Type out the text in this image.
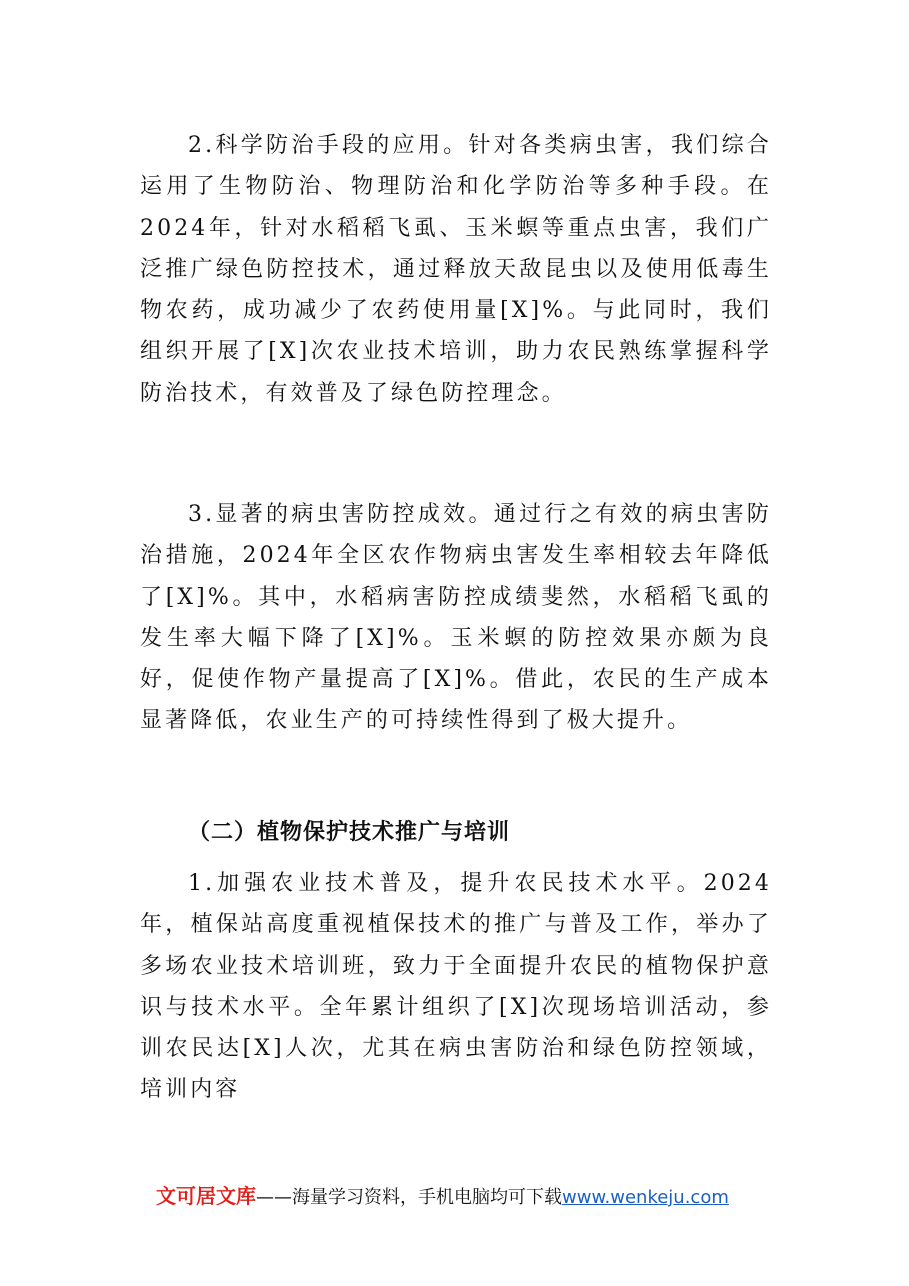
2.科学防治手段的应用。针对各类病虫害，我们综合运用了生物防治、物理防治和化学防治等多种手段。在2024年，针对水稻稻飞虱、玉米螟等重点虫害，我们广泛推广绿色防控技术，通过释放天敌昆虫以及使用低毒生物农药，成功减少了农药使用量[X]%。与此同时，我们组织开展了[X]次农业技术培训，助力农民熟练掌握科学防治技术，有效普及了绿色防控理念。

3.显著的病虫害防控成效。通过行之有效的病虫害防治措施，2024年全区农作物病虫害发生率相较去年降低了[X]%。其中，水稻病害防控成绩斐然，水稻稻飞虱的发生率大幅下降了[X]%。玉米螟的防控效果亦颇为良好，促使作物产量提高了[X]%。借此，农民的生产成本显著降低，农业生产的可持续性得到了极大提升。

（二）植物保护技术推广与培训

1.加强农业技术普及，提升农民技术水平。2024年，植保站高度重视植保技术的推广与普及工作，举办了多场农业技术培训班，致力于全面提升农民的植物保护意识与技术水平。全年累计组织了[X]次现场培训活动，参训农民达[X]人次，尤其在病虫害防治和绿色防控领域，培训内容

文可居文库——海量学习资料，手机电脑均可下载www.wenkeju.com
